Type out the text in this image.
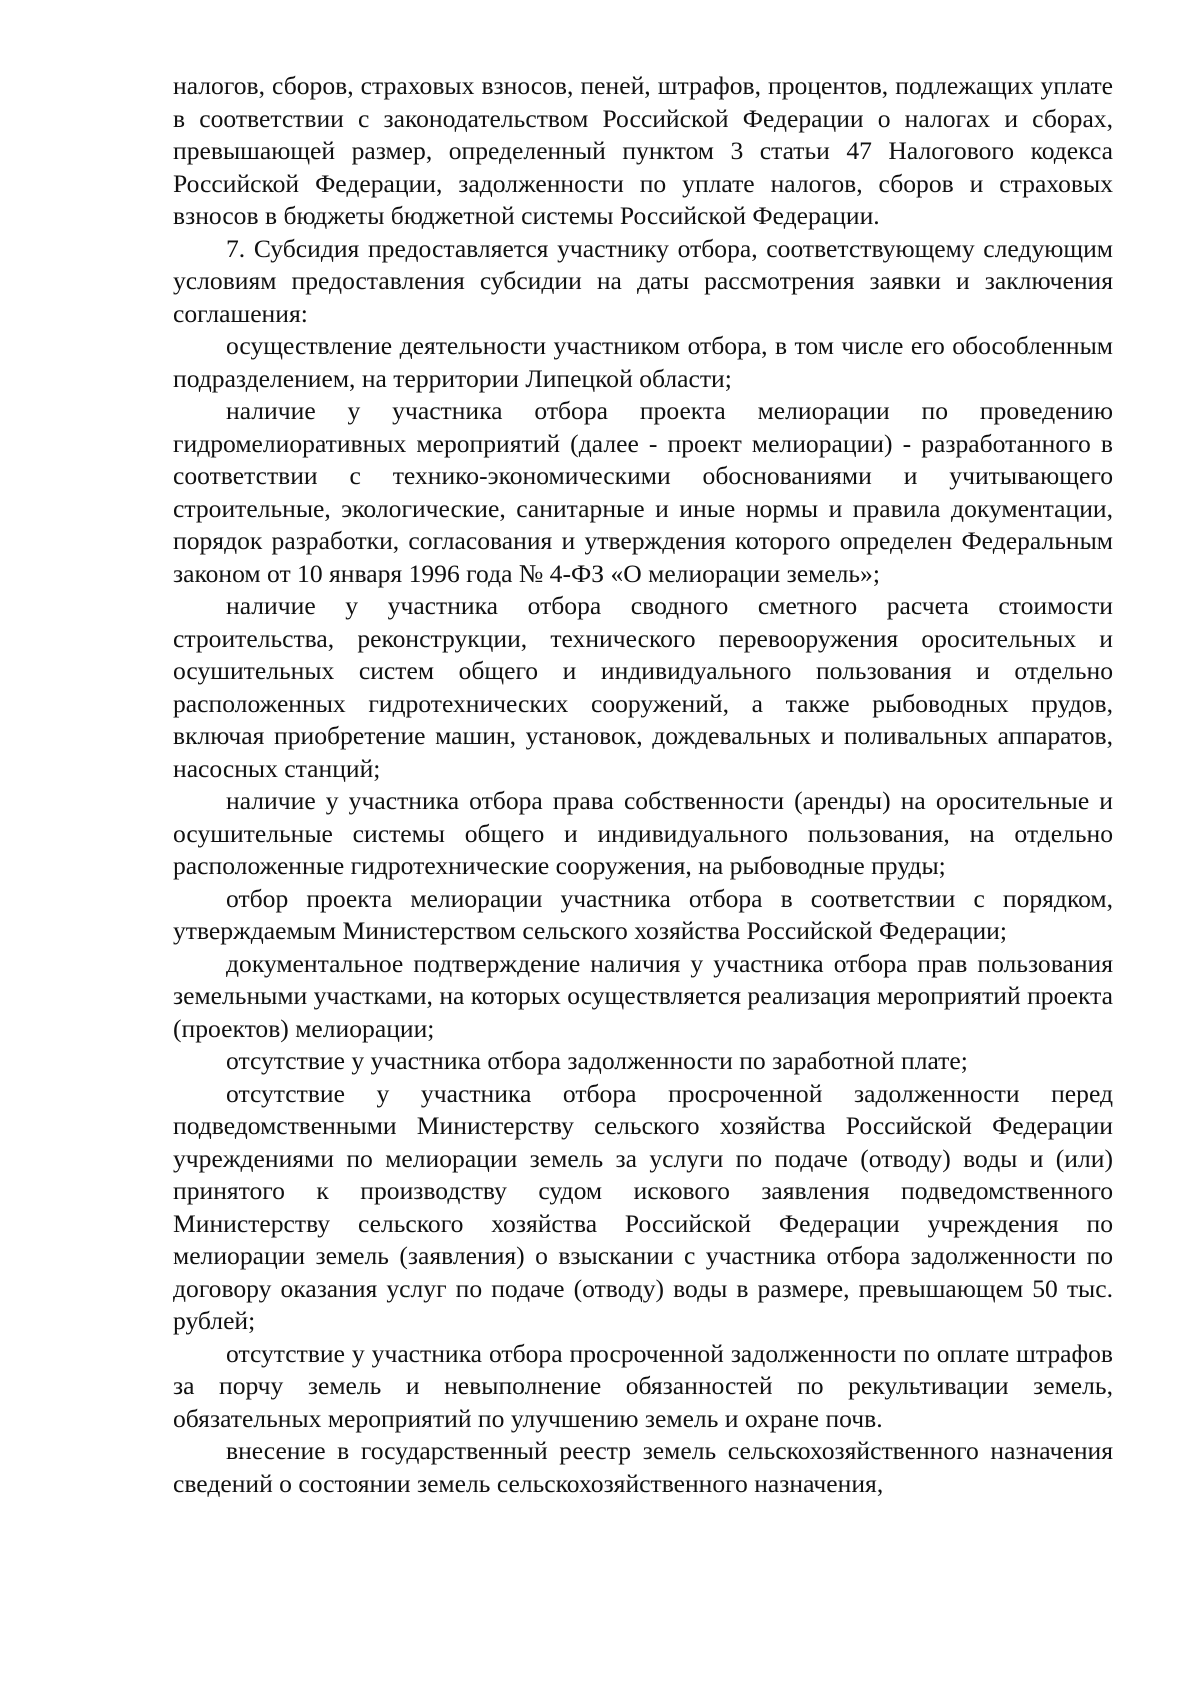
налогов, сборов, страховых взносов, пеней, штрафов, процентов, подлежащих уплате в соответствии с законодательством Российской Федерации о налогах и сборах, превышающей размер, определенный пунктом 3 статьи 47 Налогового кодекса Российской Федерации, задолженности по уплате налогов, сборов и страховых взносов в бюджеты бюджетной системы Российской Федерации.

7. Субсидия предоставляется участнику отбора, соответствующему следующим условиям предоставления субсидии на даты рассмотрения заявки и заключения соглашения:

осуществление деятельности участником отбора, в том числе его обособленным подразделением, на территории Липецкой области;

наличие у участника отбора проекта мелиорации по проведению гидромелиоративных мероприятий (далее - проект мелиорации) - разработанного в соответствии с технико-экономическими обоснованиями и учитывающего строительные, экологические, санитарные и иные нормы и правила документации, порядок разработки, согласования и утверждения которого определен Федеральным законом от 10 января 1996 года № 4-ФЗ «О мелиорации земель»;

наличие у участника отбора сводного сметного расчета стоимости строительства, реконструкции, технического перевооружения оросительных и осушительных систем общего и индивидуального пользования и отдельно расположенных гидротехнических сооружений, а также рыбоводных прудов, включая приобретение машин, установок, дождевальных и поливальных аппаратов, насосных станций;

наличие у участника отбора права собственности (аренды) на оросительные и осушительные системы общего и индивидуального пользования, на отдельно расположенные гидротехнические сооружения, на рыбоводные пруды;

отбор проекта мелиорации участника отбора в соответствии с порядком, утверждаемым Министерством сельского хозяйства Российской Федерации;

документальное подтверждение наличия у участника отбора прав пользования земельными участками, на которых осуществляется реализация мероприятий проекта (проектов) мелиорации;

отсутствие у участника отбора задолженности по заработной плате;

отсутствие у участника отбора просроченной задолженности перед подведомственными Министерству сельского хозяйства Российской Федерации учреждениями по мелиорации земель за услуги по подаче (отводу) воды и (или) принятого к производству судом искового заявления подведомственного Министерству сельского хозяйства Российской Федерации учреждения по мелиорации земель (заявления) о взыскании с участника отбора задолженности по договору оказания услуг по подаче (отводу) воды в размере, превышающем 50 тыс. рублей;

отсутствие у участника отбора просроченной задолженности по оплате штрафов за порчу земель и невыполнение обязанностей по рекультивации земель, обязательных мероприятий по улучшению земель и охране почв.

внесение в государственный реестр земель сельскохозяйственного назначения сведений о состоянии земель сельскохозяйственного назначения,
